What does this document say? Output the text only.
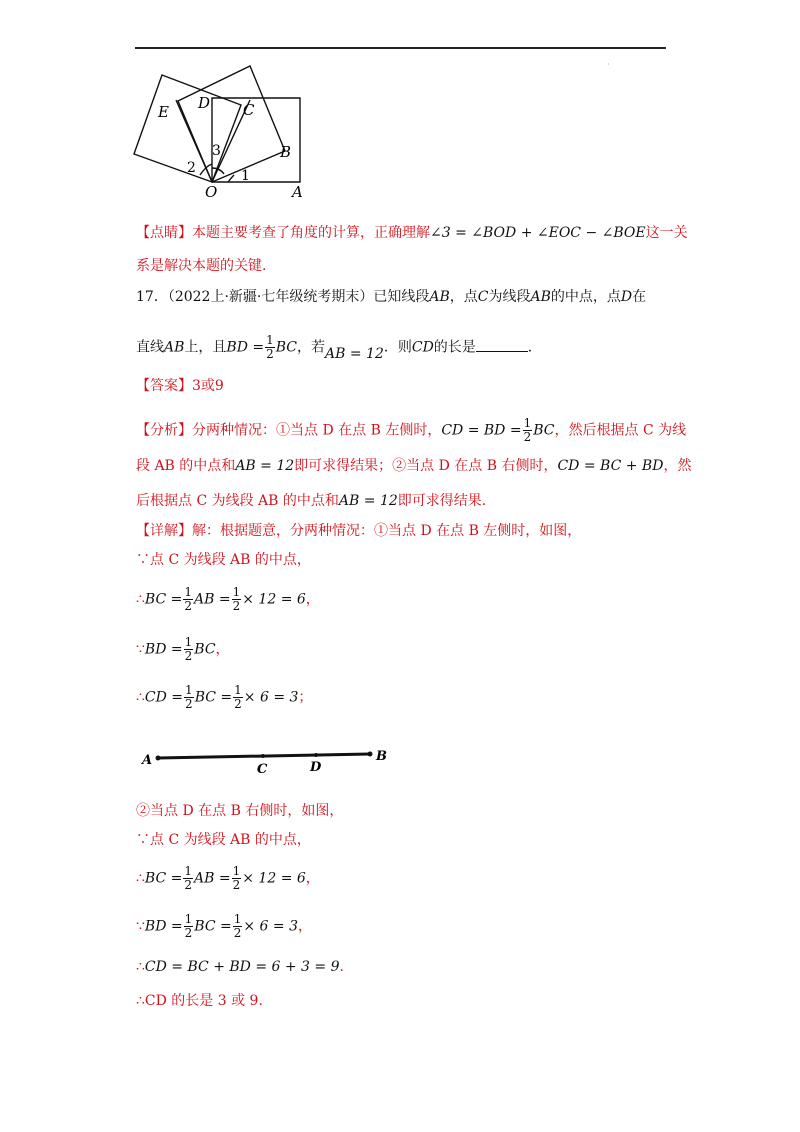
·
E D C
B
O	A
1
2
3
【点睛】本题主要考查了角度的计算，正确理解∠3 = ∠BOD + ∠EOC − ∠BOE这一关
系是解决本题的关键.
17．（2022上·新疆·七年级统考期末）已知线段AB，点C为线段AB的中点，点D在
直线AB上，且BD = $\frac{1}{2}$ BC，若AB = 12．则CD的长是	．
【答案】3或9
【分析】分两种情况：①当点 D 在点 B 左侧时，CD = BD = $\frac{1}{2}$ BC，然后根据点 C 为线
段 AB 的中点和AB = 12即可求得结果；②当点 D 在点 B 右侧时，CD = BC + BD，然
后根据点 C 为线段 AB 的中点和AB = 12即可求得结果.
【详解】解：根据题意，分两种情况：①当点 D 在点 B 左侧时，如图，
∵点 C 为线段 AB 的中点，
∴BC = $\frac{1}{2}$ AB = $\frac{1}{2} \times 12 = 6$，
∵BD = $\frac{1}{2}$ BC，
∴CD = $\frac{1}{2}$ BC = $\frac{1}{2} \times 6 = 3$；
A
C	D
B
②当点 D 在点 B 右侧时，如图，
∵点 C 为线段 AB 的中点，
∴BC = $\frac{1}{2}$ AB = $\frac{1}{2} \times 12 = 6$，
∵BD = $\frac{1}{2}$ BC = $\frac{1}{2} \times 6 = 3$，
∴CD = BC + BD = 6 + 3 = 9.
∴CD 的长是 3 或 9.
